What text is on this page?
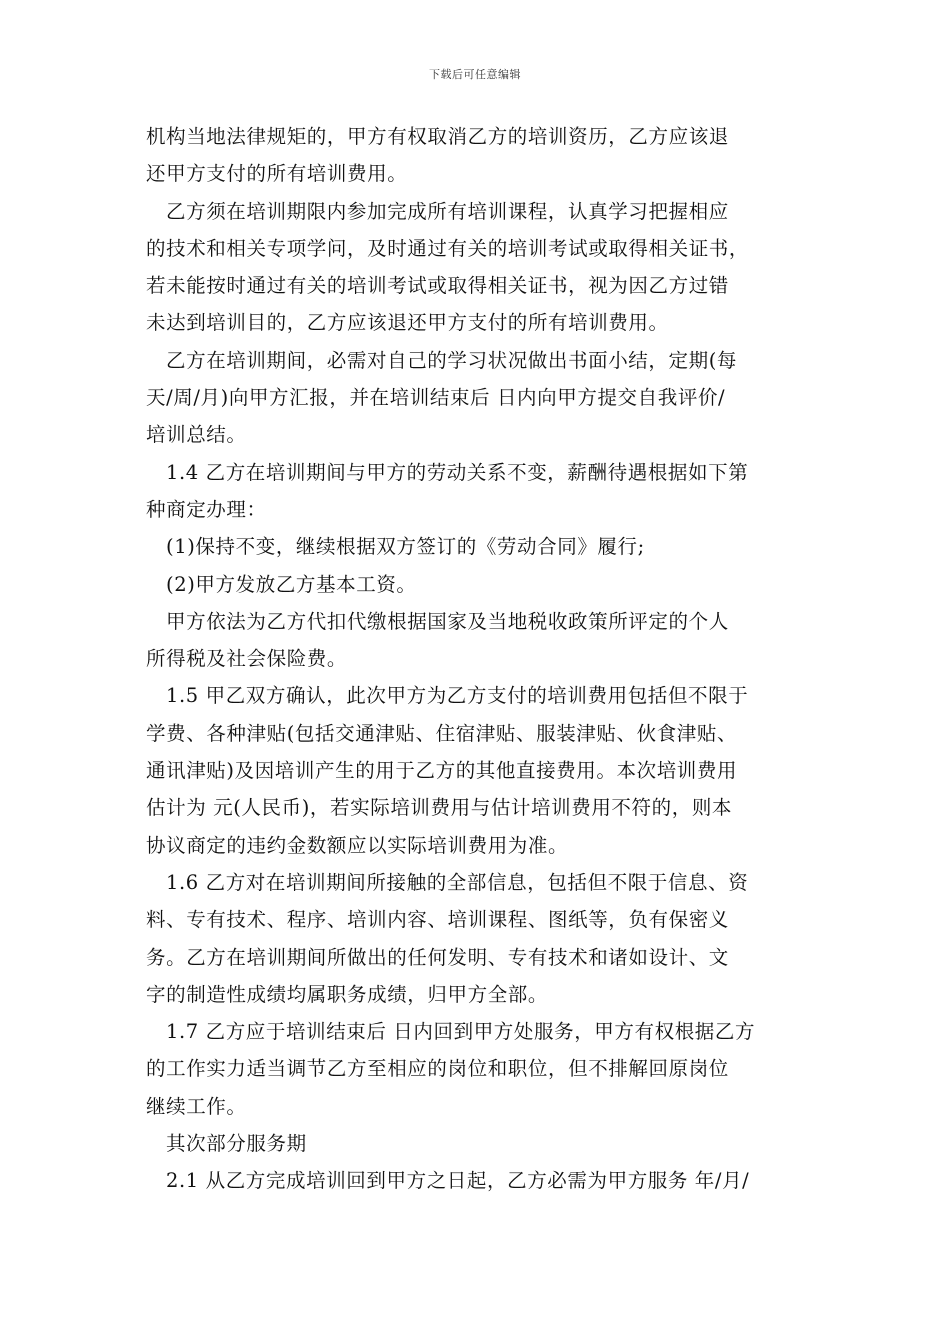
下载后可任意编辑
机构当地法律规矩的，甲方有权取消乙方的培训资历，乙方应该退
还甲方支付的所有培训费用。
乙方须在培训期限内参加完成所有培训课程，认真学习把握相应
的技术和相关专项学问，及时通过有关的培训考试或取得相关证书，
若未能按时通过有关的培训考试或取得相关证书，视为因乙方过错
未达到培训目的，乙方应该退还甲方支付的所有培训费用。
乙方在培训期间，必需对自己的学习状况做出书面小结，定期(每
天/周/月)向甲方汇报，并在培训结束后 日内向甲方提交自我评价/
培训总结。
1.4 乙方在培训期间与甲方的劳动关系不变，薪酬待遇根据如下第
种商定办理：
(1)保持不变，继续根据双方签订的《劳动合同》履行;
(2)甲方发放乙方基本工资。
甲方依法为乙方代扣代缴根据国家及当地税收政策所评定的个人
所得税及社会保险费。
1.5 甲乙双方确认，此次甲方为乙方支付的培训费用包括但不限于
学费、各种津贴(包括交通津贴、住宿津贴、服装津贴、伙食津贴、
通讯津贴)及因培训产生的用于乙方的其他直接费用。本次培训费用
估计为 元(人民币)，若实际培训费用与估计培训费用不符的，则本
协议商定的违约金数额应以实际培训费用为准。
1.6 乙方对在培训期间所接触的全部信息，包括但不限于信息、资
料、专有技术、程序、培训内容、培训课程、图纸等，负有保密义
务。乙方在培训期间所做出的任何发明、专有技术和诸如设计、文
字的制造性成绩均属职务成绩，归甲方全部。
1.7 乙方应于培训结束后 日内回到甲方处服务，甲方有权根据乙方
的工作实力适当调节乙方至相应的岗位和职位，但不排解回原岗位
继续工作。
其次部分服务期
2.1 从乙方完成培训回到甲方之日起，乙方必需为甲方服务 年/月/
